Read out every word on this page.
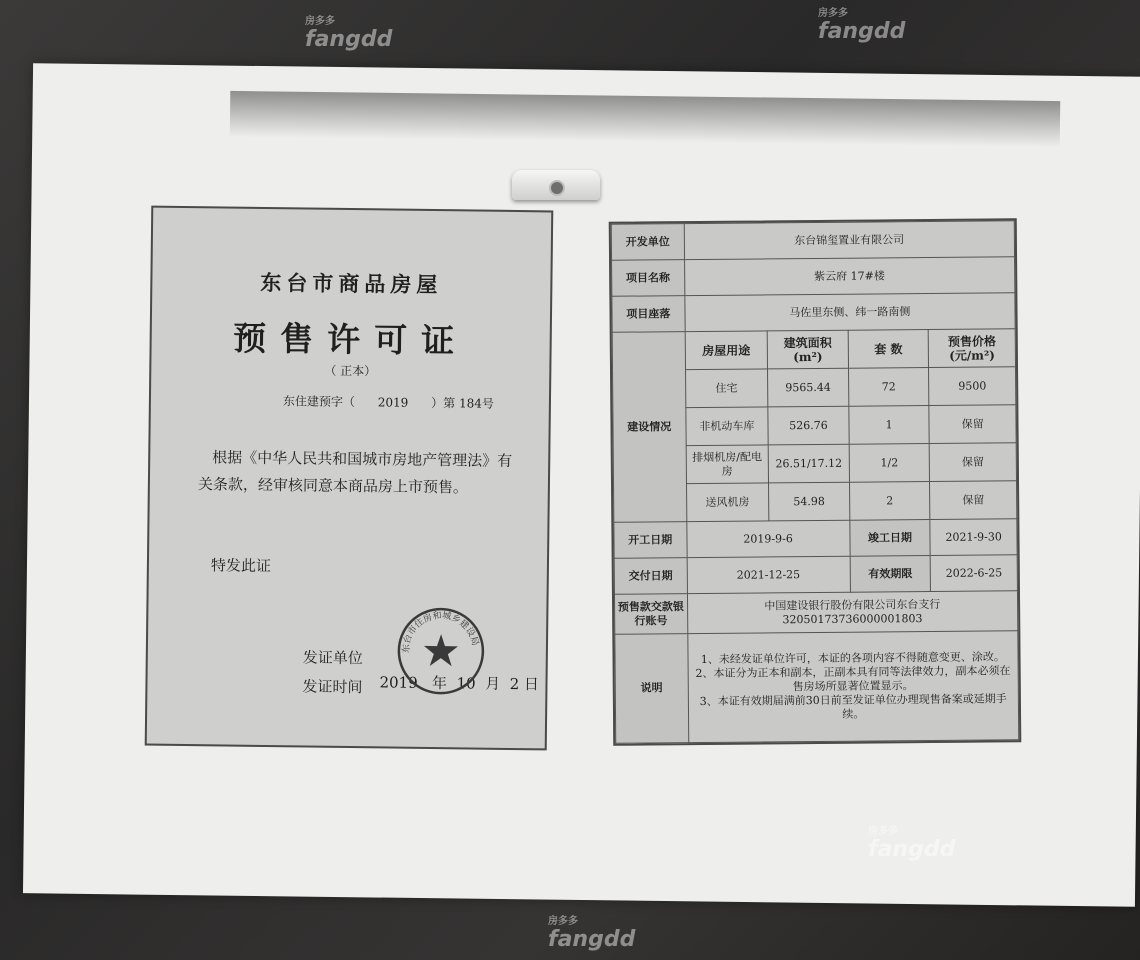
东台市商品房屋
预售许可证
（ 正本）
东住建预字（      2019      ）第 184号
根据《中华人民共和国城市房地产管理法》有关条款，经审核同意本商品房上市预售。
特发此证
发证单位
发证时间 2019   年  10  月  2 日
东台市住房和城乡建设局
开发单位	东台锦玺置业有限公司			
项目名称	紫云府 17#楼			
项目座落	马佐里东侧、纬一路南侧			
建设情况	房屋用途	建筑面积(m²)	套 数	预售价格(元/m²)
	住宅	9565.44	72	9500
	非机动车库	526.76	1	保留
	排烟机房/配电房	26.51/17.12	1/2	保留
	送风机房	54.98	2	保留
开工日期	2019-9-6		竣工日期	2021-9-30
交付日期	2021-12-25		有效期限	2022-6-25
预售款交款银行账号	中国建设银行股份有限公司东台支行
32050173736000001803			

说明	1、未经发证单位许可，本证的各项内容不得随意变更、涂改。
2、本证分为正本和副本，正副本具有同等法律效力，副本必须在售房场所显著位置显示。
3、本证有效期届满前30日前至发证单位办理现售备案或延期手续。			
房多多
fangdd
房多多
fangdd
房多多
fangdd
房多多
fangdd
